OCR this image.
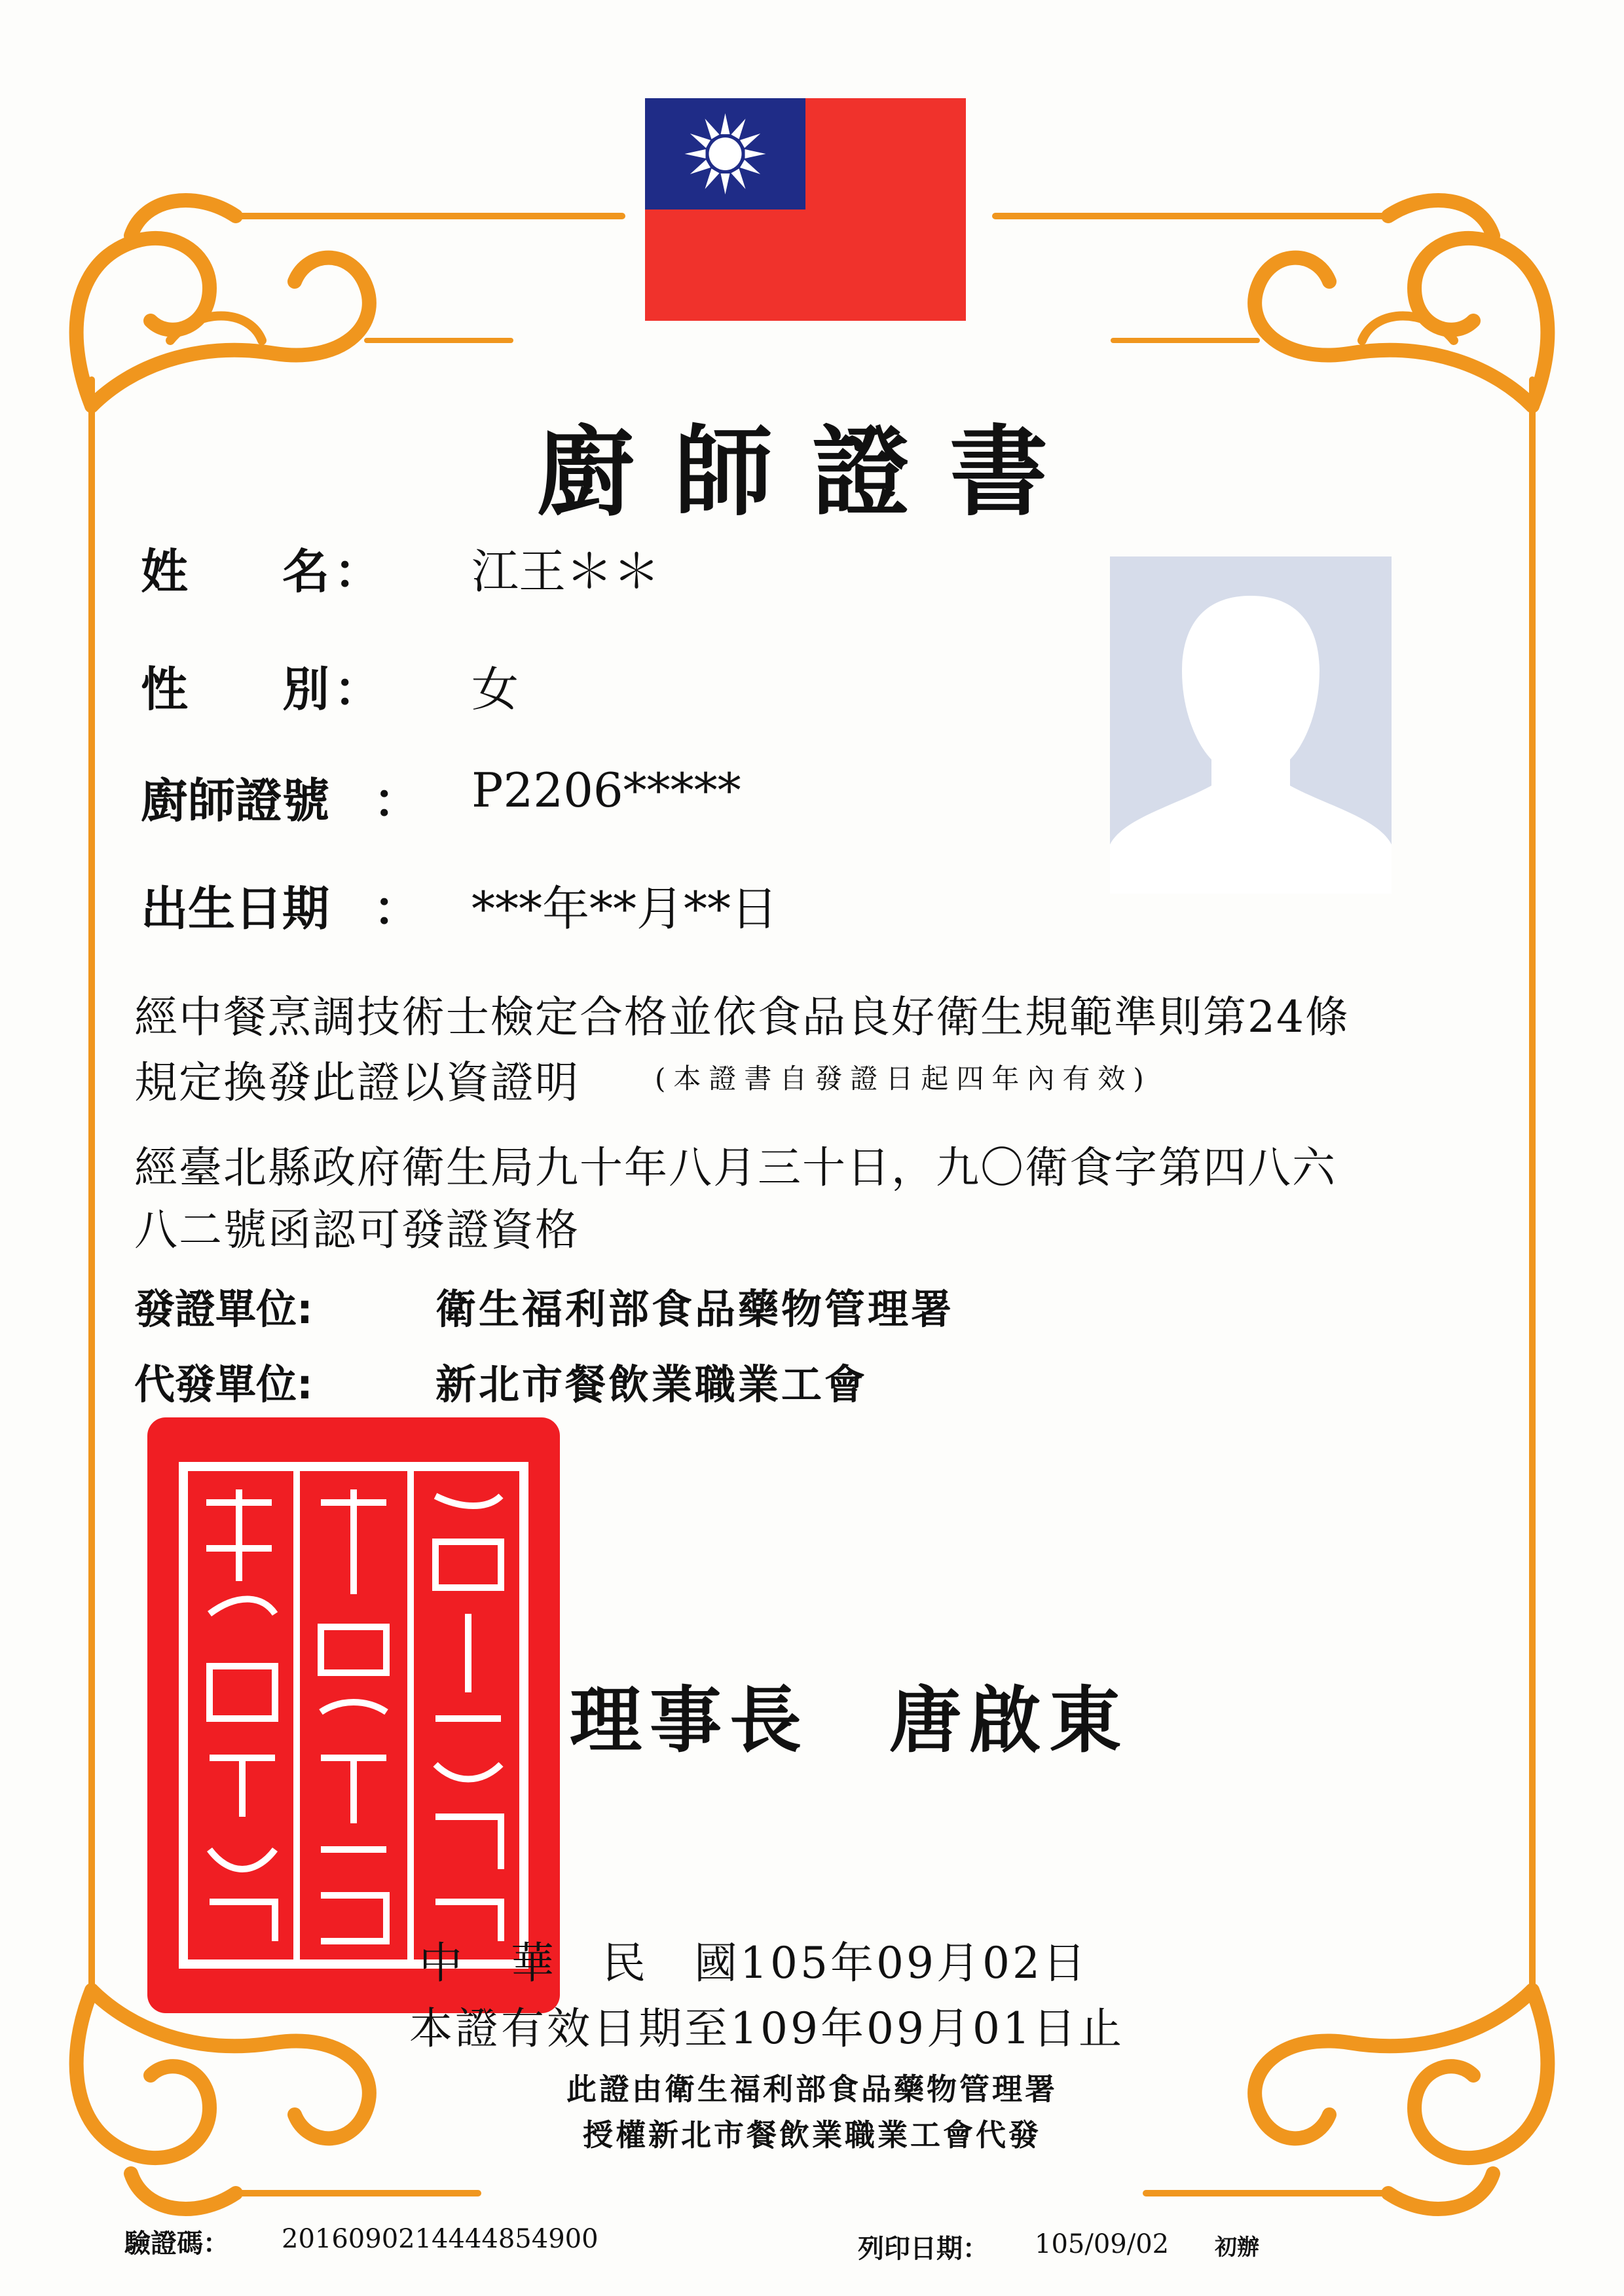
廚師證書
姓　　名 ： 江王＊＊
性　　別 ： 女
廚師證號 ： P2206*****
出生日期 ： ***年**月**日
經中餐烹調技術士檢定合格並依食品良好衛生規範準則第24條
規定換發此證以資證明	(本證書自發證日起四年內有效)
經臺北縣政府衛生局九十年八月三十日，九〇衛食字第四八六
八二號函認可發證資格
發證單位:	衛生福利部食品藥物管理署
代發單位:	新北市餐飲業職業工會
理事長　唐啟東
中　華　民　國105年09月02日
本證有效日期至109年09月01日止
此證由衛生福利部食品藥物管理署
授權新北市餐飲業職業工會代發
驗證碼： 20160902144448549​00	列印日期： 105/09/02 初辦
